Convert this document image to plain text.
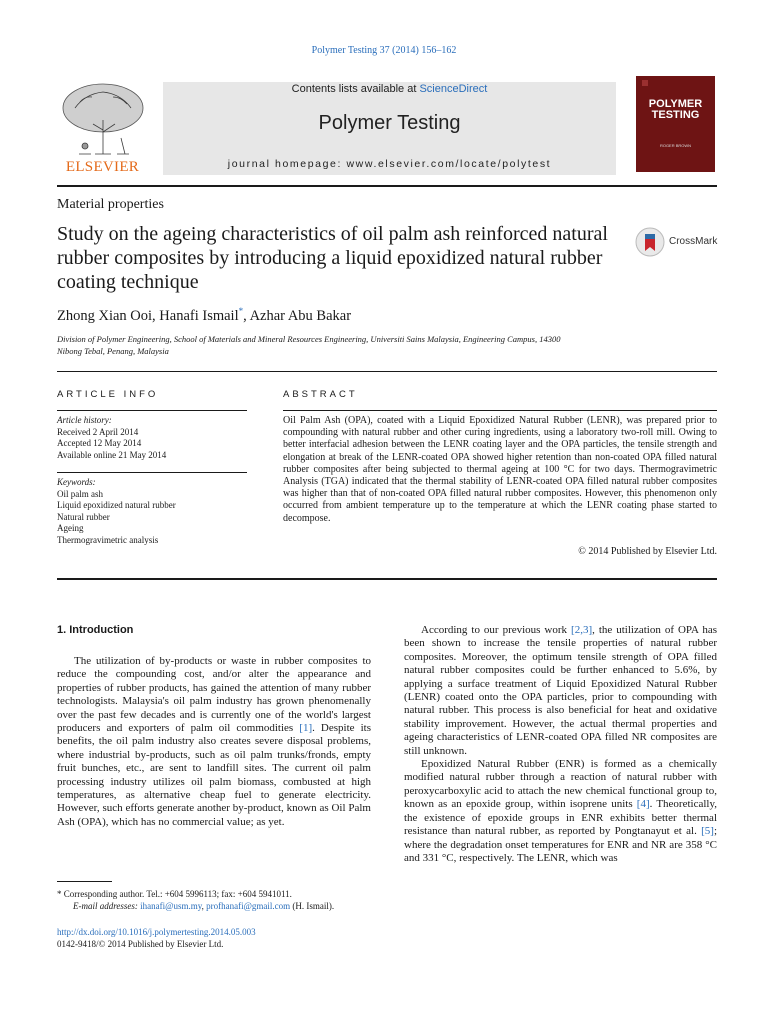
Polymer Testing 37 (2014) 156–162
ELSEVIER
Contents lists available at ScienceDirect
Polymer Testing
journal homepage: www.elsevier.com/locate/polytest
POLYMER
TESTING
ROGER BROWN
Material properties
Study on the ageing characteristics of oil palm ash reinforced natural rubber composites by introducing a liquid epoxidized natural rubber coating technique
CrossMark
Zhong Xian Ooi, Hanafi Ismail*, Azhar Abu Bakar
Division of Polymer Engineering, School of Materials and Mineral Resources Engineering, Universiti Sains Malaysia, Engineering Campus, 14300 Nibong Tebal, Penang, Malaysia
ARTICLE INFO
Article history:
Received 2 April 2014
Accepted 12 May 2014
Available online 21 May 2014
Keywords:
Oil palm ash
Liquid epoxidized natural rubber
Natural rubber
Ageing
Thermogravimetric analysis
ABSTRACT
Oil Palm Ash (OPA), coated with a Liquid Epoxidized Natural Rubber (LENR), was prepared prior to compounding with natural rubber and other curing ingredients, using a laboratory two-roll mill. Owing to better interfacial adhesion between the LENR coating layer and the OPA particles, the tensile strength and elongation at break of the LENR-coated OPA showed higher retention than non-coated OPA filled natural rubber composites after being subjected to thermal ageing at 100 °C for two days. Thermogravimetric Analysis (TGA) indicated that the thermal stability of LENR-coated OPA filled natural rubber composites was higher than that of non-coated OPA filled natural rubber composites. However, this phenomenon only occurred from ambient temperature up to the temperature at which the LENR coating phase started to decompose.
© 2014 Published by Elsevier Ltd.
1. Introduction

The utilization of by-products or waste in rubber composites to reduce the compounding cost, and/or alter the appearance and properties of rubber products, has gained the attention of many rubber technologists. Malaysia's oil palm industry has grown phenomenally over the past few decades and is currently one of the world's largest producers and exporters of palm oil commodities [1]. Despite its benefits, the oil palm industry also creates severe disposal problems, where industrial by-products, such as oil palm trunks/fronds, empty fruit bunches, etc., are sent to landfill sites. The current oil palm processing industry utilizes oil palm biomass, combusted at high temperatures, as alternative cheap fuel to generate electricity. However, such efforts generate another by-product, known as Oil Palm Ash (OPA), which has no commercial value; as yet.

According to our previous work [2,3], the utilization of OPA has been shown to increase the tensile properties of natural rubber composites. Moreover, the optimum tensile strength of OPA filled natural rubber composites could be further enhanced to 5.6%, by applying a surface treatment of Liquid Epoxidized Natural Rubber (LENR) coated onto the OPA particles, prior to compounding with natural rubber. This process is also beneficial for heat and oxidative stability improvement. However, the actual thermal properties and ageing characteristics of LENR-coated OPA filled NR composites are still unknown.

Epoxidized Natural Rubber (ENR) is formed as a chemically modified natural rubber through a reaction of natural rubber with peroxycarboxylic acid to attach the new chemical functional group to, known as an epoxide group, within isoprene units [4]. Theoretically, the existence of epoxide groups in ENR exhibits better thermal resistance than natural rubber, as reported by Pongtanayut et al. [5]; where the degradation onset temperatures for ENR and NR are 358 °C and 331 °C, respectively. The LENR, which was

* Corresponding author. Tel.: +604 5996113; fax: +604 5941011.
E-mail addresses: ihanafi@usm.my, profhanafi@gmail.com (H. Ismail).
http://dx.doi.org/10.1016/j.polymertesting.2014.05.003
0142-9418/© 2014 Published by Elsevier Ltd.
